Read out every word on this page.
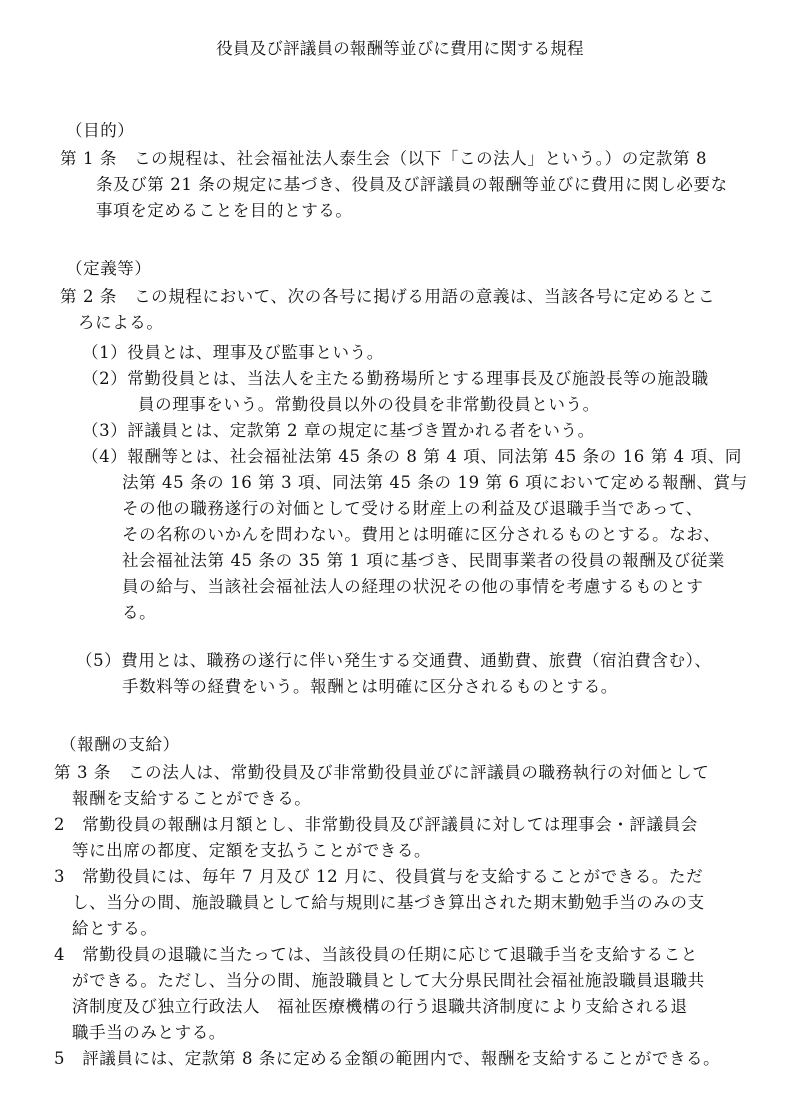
役員及び評議員の報酬等並びに費用に関する規程
（目的）
第 1 条　この規程は、社会福祉法人泰生会（以下「この法人」という。）の定款第 8
条及び第 21 条の規定に基づき、役員及び評議員の報酬等並びに費用に関し必要な
事項を定めることを目的とする。
（定義等）
第 2 条　この規程において、次の各号に掲げる用語の意義は、当該各号に定めるとこ
ろによる。
（1）役員とは、理事及び監事という。
（2）常勤役員とは、当法人を主たる勤務場所とする理事長及び施設長等の施設職
員の理事をいう。常勤役員以外の役員を非常勤役員という。
（3）評議員とは、定款第 2 章の規定に基づき置かれる者をいう。
（4）報酬等とは、社会福祉法第 45 条の 8 第 4 項、同法第 45 条の 16 第 4 項、同
法第 45 条の 16 第 3 項、同法第 45 条の 19 第 6 項において定める報酬、賞与
その他の職務遂行の対価として受ける財産上の利益及び退職手当であって、
その名称のいかんを問わない。費用とは明確に区分されるものとする。なお、
社会福祉法第 45 条の 35 第 1 項に基づき、民間事業者の役員の報酬及び従業
員の給与、当該社会福祉法人の経理の状況その他の事情を考慮するものとす
る。
（5）費用とは、職務の遂行に伴い発生する交通費、通勤費、旅費（宿泊費含む）、
手数料等の経費をいう。報酬とは明確に区分されるものとする。
（報酬の支給）
第 3 条　この法人は、常勤役員及び非常勤役員並びに評議員の職務執行の対価として
報酬を支給することができる。
2　常勤役員の報酬は月額とし、非常勤役員及び評議員に対しては理事会・評議員会
等に出席の都度、定額を支払うことができる。
3　常勤役員には、毎年 7 月及び 12 月に、役員賞与を支給することができる。ただ
し、当分の間、施設職員として給与規則に基づき算出された期末勤勉手当のみの支
給とする。
4　常勤役員の退職に当たっては、当該役員の任期に応じて退職手当を支給すること
ができる。ただし、当分の間、施設職員として大分県民間社会福祉施設職員退職共
済制度及び独立行政法人　福祉医療機構の行う退職共済制度により支給される退
職手当のみとする。
5　評議員には、定款第 8 条に定める金額の範囲内で、報酬を支給することができる。
